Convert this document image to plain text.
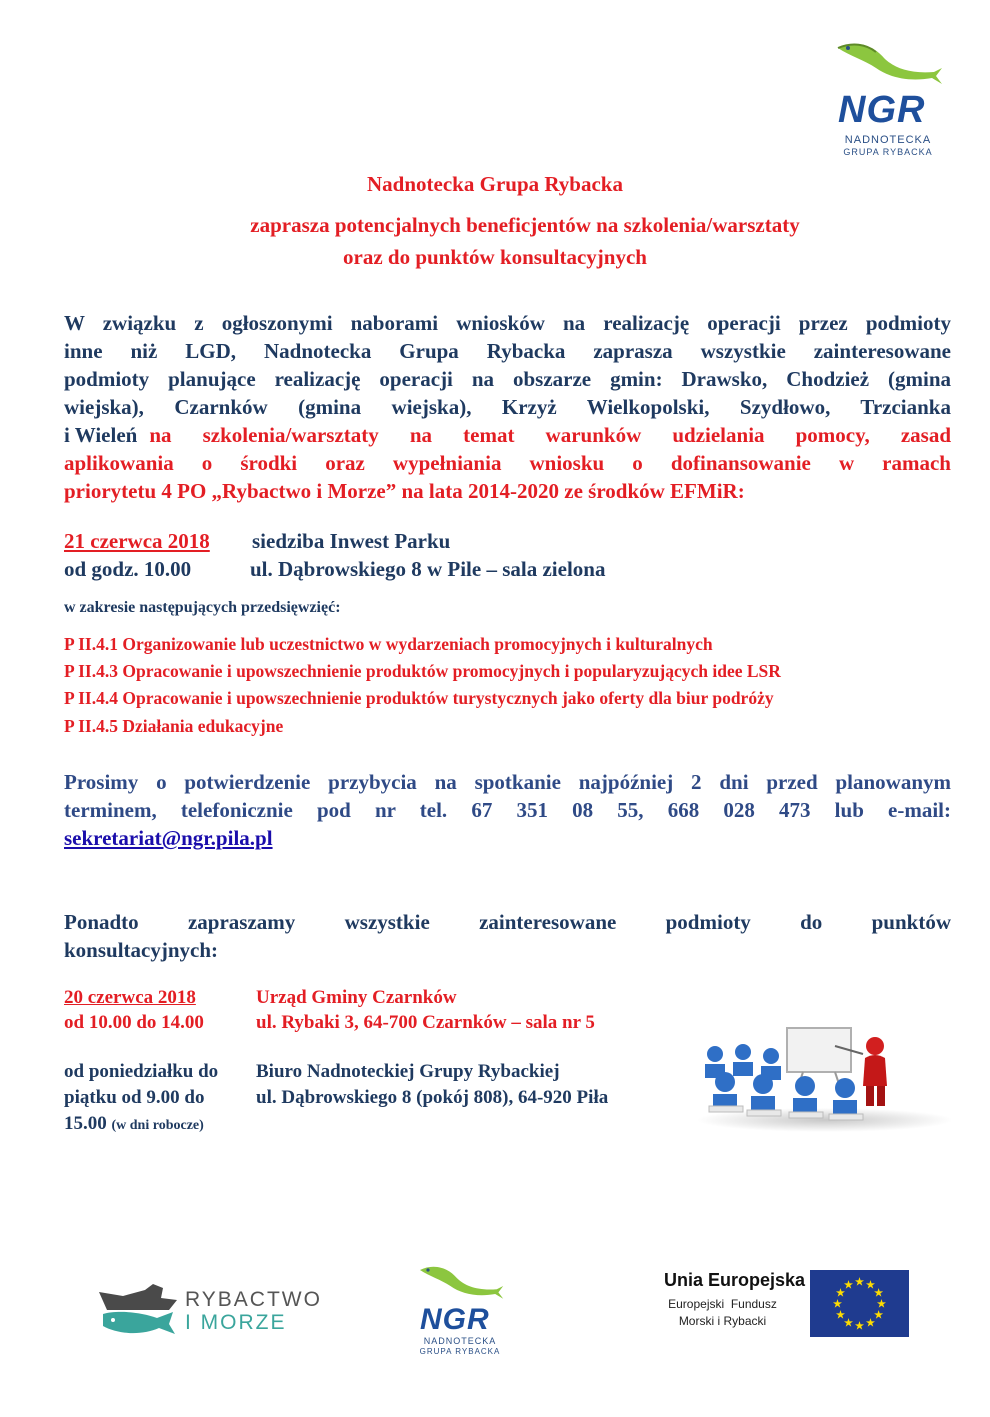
NGR
NADNOTECKA
GRUPA RYBACKA
Nadnotecka Grupa Rybacka
zaprasza potencjalnych beneficjentów na szkolenia/warsztaty
oraz do punktów konsultacyjnych
W związku z ogłoszonymi naborami wniosków na realizację operacji przez podmioty
inne niż LGD, Nadnotecka Grupa Rybacka zaprasza wszystkie zainteresowane
podmioty planujące realizację operacji na obszarze gmin: Drawsko, Chodzież (gmina
wiejska), Czarnków (gmina wiejska), Krzyż Wielkopolski, Szydłowo, Trzcianka
i Wieleń na szkolenia/warsztaty na temat warunków udzielania pomocy, zasad
aplikowania o środki oraz wypełniania wniosku o dofinansowanie w ramach
priorytetu 4 PO „Rybactwo i Morze” na lata 2014-2020 ze środków EFMiR:
21 czerwca 2018 siedziba Inwest Parku
od godz. 10.00	ul. Dąbrowskiego 8 w Pile – sala zielona
w zakresie następujących przedsięwzięć:
P II.4.1 Organizowanie lub uczestnictwo w wydarzeniach promocyjnych i kulturalnych
P II.4.3 Opracowanie i upowszechnienie produktów promocyjnych i popularyzujących idee LSR
P II.4.4 Opracowanie i upowszechnienie produktów turystycznych jako oferty dla biur podróży
P II.4.5 Działania edukacyjne
Prosimy o potwierdzenie przybycia na spotkanie najpóźniej 2 dni przed planowanym
terminem, telefonicznie pod nr tel. 67 351 08 55, 668 028 473 lub e-mail:
sekretariat@ngr.pila.pl
Ponadto zapraszamy wszystkie zainteresowane podmioty do punktów
konsultacyjnych:
20 czerwca 2018	Urząd Gminy Czarnków
od 10.00 do 14.00	ul. Rybaki 3, 64-700 Czarnków – sala nr 5
od poniedziałku do
piątku od 9.00 do
15.00 (w dni robocze)
Biuro Nadnoteckiej Grupy Rybackiej
ul. Dąbrowskiego 8 (pokój 808), 64-920 Piła
RYBACTWO
I MORZE	NGR
NADNOTECKA
GRUPA RYBACKA
Unia Europejska
Europejski  Fundusz
Morski i Rybacki
★
★
★
★
★
★
★
★
★ ★ ★
★
